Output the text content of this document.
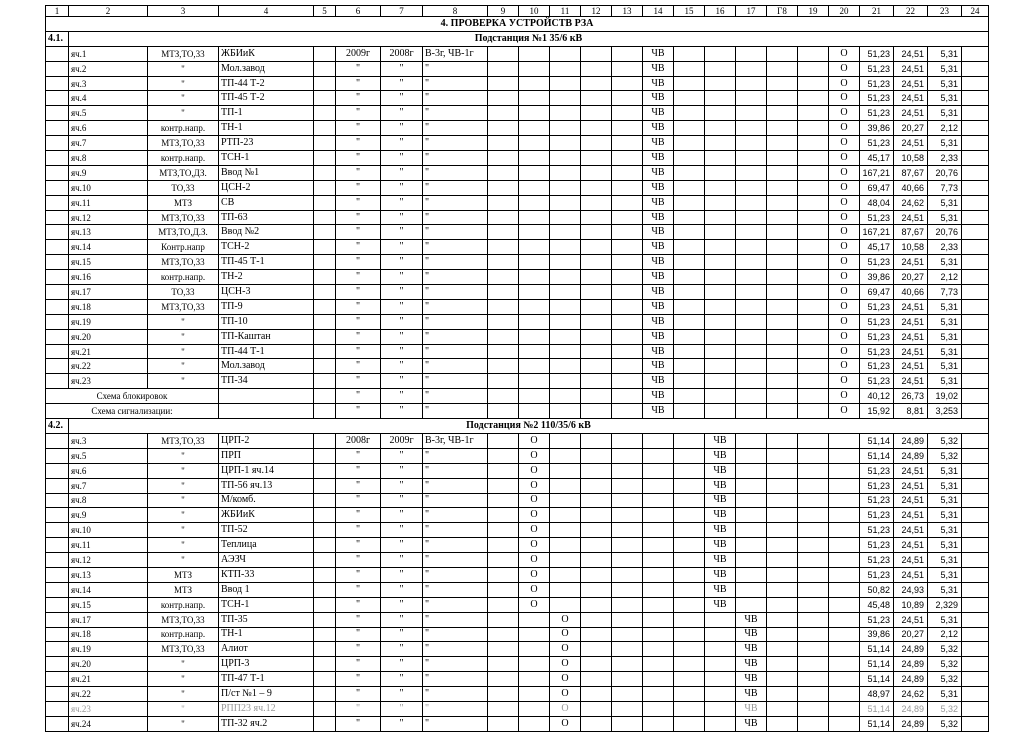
1	2	3	4	5	6	7	8	9	10	11	12	13	14	15	16	17	Г8	19	20	21	22	23	24
4. ПРОВЕРКА УСТРОЙСТВ РЗА																							
4.1.	Подстанция №1 35/6 кВ																						
	яч.1	МТЗ,ТО,33	ЖБИиК		2009г	2008г	В-3г, ЧВ-1г						ЧВ						О	51,23	24,51	5,31	
	яч.2	"	Мол.завод		"	"	"						ЧВ						О	51,23	24,51	5,31	
	яч.3	"	ТП-44 Т-2		"	"	"						ЧВ						О	51,23	24,51	5,31	
	яч.4	"	ТП-45 Т-2		"	"	"						ЧВ						О	51,23	24,51	5,31	
	яч.5	"	ТП-1		"	"	"						ЧВ						О	51,23	24,51	5,31	
	яч.6	контр.напр.	ТН-1		"	"	"						ЧВ						О	39,86	20,27	2,12	
	яч.7	МТЗ,ТО,33	РТП-23		"	"	"						ЧВ						О	51,23	24,51	5,31	
	яч.8	контр.напр.	ТСН-1		"	"	"						ЧВ						О	45,17	10,58	2,33	
	яч.9	МТЗ,ТО,ДЗ.	Ввод №1		"	"	"						ЧВ						О	167,21	87,67	20,76	
	яч.10	ТО,33	ЦСН-2		"	"	"						ЧВ						О	69,47	40,66	7,73	
	яч.11	МТЗ	СВ		"	"	"						ЧВ						О	48,04	24,62	5,31	
	яч.12	МТЗ,ТО,33	ТП-63		"	"	"						ЧВ						О	51,23	24,51	5,31	
	яч.13	МТЗ,ТО,Д.З.	Ввод №2		"	"	"						ЧВ						О	167,21	87,67	20,76	
	яч.14	Контр.напр	ТСН-2		"	"	"						ЧВ						О	45,17	10,58	2,33	
	яч.15	МТЗ,ТО,33	ТП-45 Т-1		"	"	"						ЧВ						О	51,23	24,51	5,31	
	яч.16	контр.напр.	ТН-2		"	"	"						ЧВ						О	39,86	20,27	2,12	
	яч.17	ТО,33	ЦСН-3		"	"	"						ЧВ						О	69,47	40,66	7,73	
	яч.18	МТЗ,ТО,33	ТП-9		"	"	"						ЧВ						О	51,23	24,51	5,31	
	яч.19	"	ТП-10		"	"	"						ЧВ						О	51,23	24,51	5,31	
	яч.20	"	ТП-Каштан		"	"	"						ЧВ						О	51,23	24,51	5,31	
	яч.21	"	ТП-44 Т-1		"	"	"						ЧВ						О	51,23	24,51	5,31	
	яч.22	"	Мол.завод		"	"	"						ЧВ						О	51,23	24,51	5,31	
	яч.23	"	ТП-34		"	"	"						ЧВ						О	51,23	24,51	5,31	
Схема блокировок					"	"	"						ЧВ						О	40,12	26,73	19,02	
Схема сигнализации:					"	"	"						ЧВ						О	15,92	8,81	3,253	
4.2.	Подстанция №2 110/35/6 кВ																						
	яч.3	МТЗ,ТО,33	ЦРП-2		2008г	2009г	В-3г, ЧВ-1г		О						ЧВ					51,14	24,89	5,32	
	яч.5	"	ПРП		"	"	"		О						ЧВ					51,14	24,89	5,32	
	яч.6	"	ЦРП-1 яч.14		"	"	"		О						ЧВ					51,23	24,51	5,31	
	яч.7	"	ТП-56 яч.13		"	"	"		О						ЧВ					51,23	24,51	5,31	
	яч.8	"	М/комб.		"	"	"		О						ЧВ					51,23	24,51	5,31	
	яч.9	"	ЖБИиК		"	"	"		О						ЧВ					51,23	24,51	5,31	
	яч.10	"	ТП-52		"	"	"		О						ЧВ					51,23	24,51	5,31	
	яч.11	"	Теплица		"	"	"		О						ЧВ					51,23	24,51	5,31	
	яч.12	"	АЭЗЧ		"	"	"		О						ЧВ					51,23	24,51	5,31	
	яч.13	МТЗ	КТП-33		"	"	"		О						ЧВ					51,23	24,51	5,31	
	яч.14	МТЗ	Ввод 1		"	"	"		О						ЧВ					50,82	24,93	5,31	
	яч.15	контр.напр.	ТСН-1		"	"	"		О						ЧВ					45,48	10,89	2,329	
	яч.17	МТЗ,ТО,33	ТП-35		"	"	"			О						ЧВ				51,23	24,51	5,31	
	яч.18	контр.напр.	ТН-1		"	"	"			О						ЧВ				39,86	20,27	2,12	
	яч.19	МТЗ,ТО,33	Алиот		"	"	"			О						ЧВ				51,14	24,89	5,32	
	яч.20	"	ЦРП-3		"	"	"			О						ЧВ				51,14	24,89	5,32	
	яч.21	"	ТП-47 Т-1		"	"	"			О						ЧВ				51,14	24,89	5,32	
	яч.22	"	П/ст №1 – 9		"	"	"			О						ЧВ				48,97	24,62	5,31	
	яч.23	"	РПП23 яч.12		"	"	"			О						ЧВ				51,14	24,89	5,32	
	яч.24	"	ТП-32 яч.2		"	"	"			О						ЧВ				51,14	24,89	5,32	
